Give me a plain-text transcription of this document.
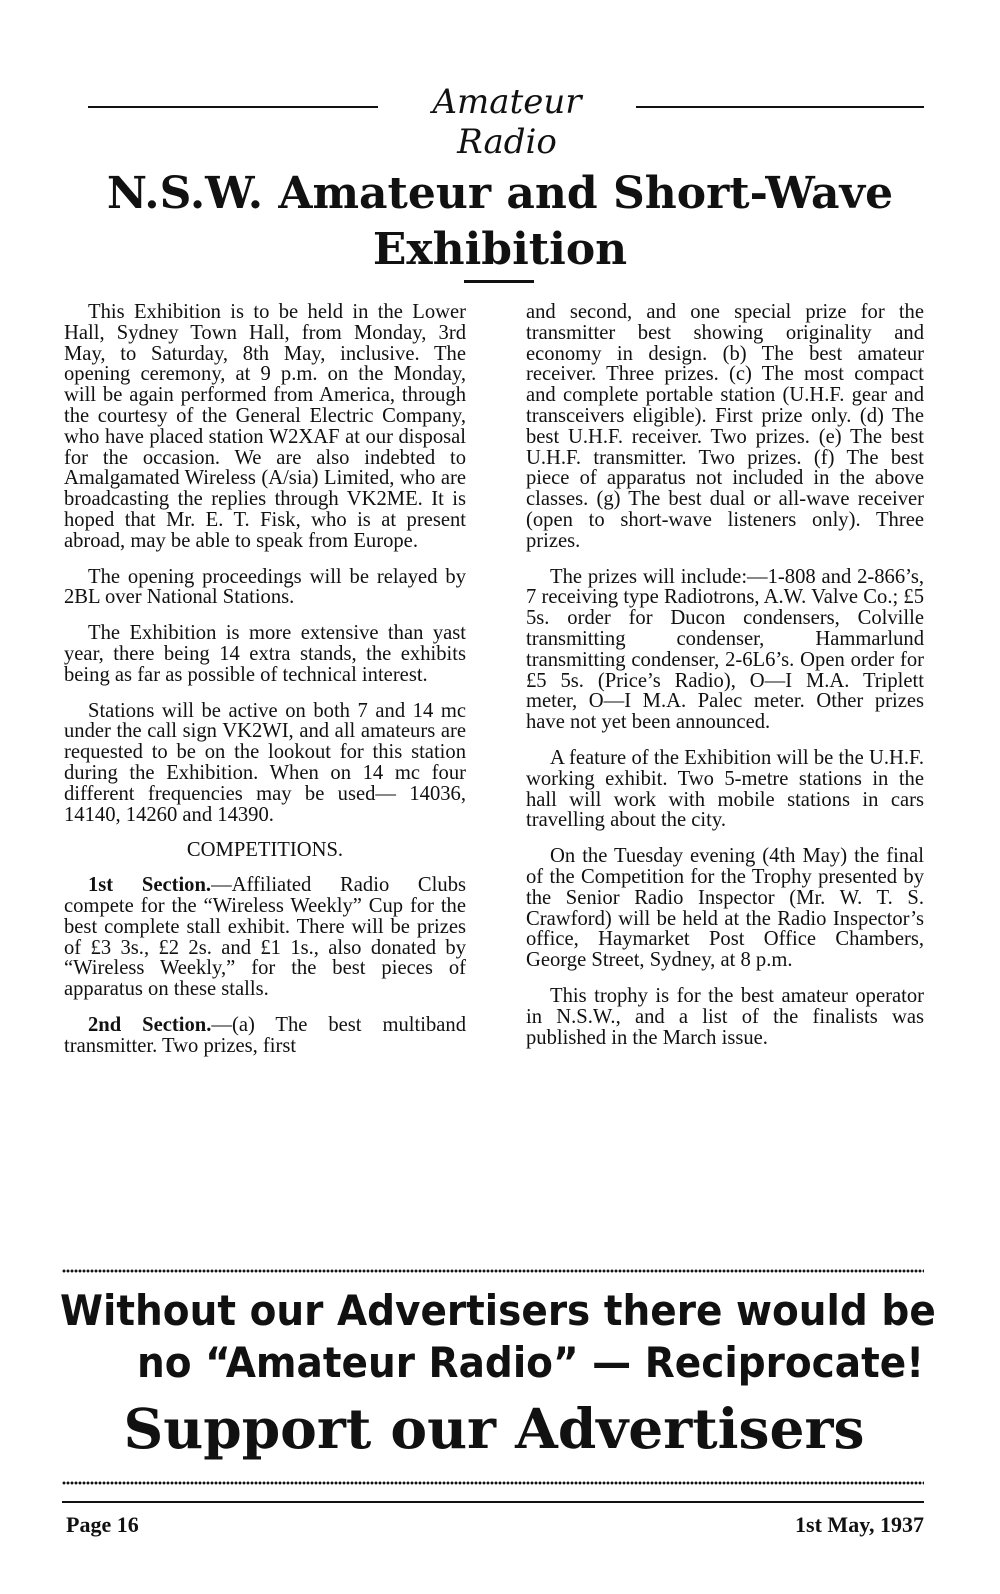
Amateur Radio
N.S.W. Amateur and Short-Wave Exhibition

This Exhibition is to be held in the Lower Hall, Sydney Town Hall, from Monday, 3rd May, to Saturday, 8th May, inclusive. The opening ceremony, at 9 p.m. on the Monday, will be again performed from America, through the courtesy of the General Electric Company, who have placed station W2XAF at our disposal for the occasion. We are also indebted to Amalgamated Wireless (A/sia) Limited, who are broadcasting the replies through VK2ME. It is hoped that Mr. E. T. Fisk, who is at present abroad, may be able to speak from Europe.

The opening proceedings will be relayed by 2BL over National Stations.

The Exhibition is more extensive than yast year, there being 14 extra stands, the exhibits being as far as possible of technical interest.

Stations will be active on both 7 and 14 mc under the call sign VK2WI, and all amateurs are requested to be on the lookout for this station during the Exhibition. When on 14 mc four different frequencies may be used— 14036, 14140, 14260 and 14390.

COMPETITIONS.

1st Section.—Affiliated Radio Clubs compete for the “Wireless Weekly” Cup for the best complete stall exhibit. There will be prizes of £3 3s., £2 2s. and £1 1s., also donated by “Wireless Weekly,” for the best pieces of apparatus on these stalls.

2nd Section.—(a) The best multiband transmitter. Two prizes, first

and second, and one special prize for the transmitter best showing originality and economy in design. (b) The best amateur receiver. Three prizes. (c) The most compact and complete portable station (U.H.F. gear and transceivers eligible). First prize only. (d) The best U.H.F. receiver. Two prizes. (e) The best U.H.F. transmitter. Two prizes. (f) The best piece of apparatus not included in the above classes. (g) The best dual or all-wave receiver (open to short-wave listeners only). Three prizes.

The prizes will include:—1-808 and 2-866’s, 7 receiving type Radiotrons, A.W. Valve Co.; £5 5s. order for Ducon condensers, Colville transmitting condenser, Hammarlund transmitting condenser, 2-6L6’s. Open order for £5 5s. (Price’s Radio), O—I M.A. Triplett meter, O—I M.A. Palec meter. Other prizes have not yet been announced.

A feature of the Exhibition will be the U.H.F. working exhibit. Two 5-metre stations in the hall will work with mobile stations in cars travelling about the city.

On the Tuesday evening (4th May) the final of the Competition for the Trophy presented by the Senior Radio Inspector (Mr. W. T. S. Crawford) will be held at the Radio Inspector’s office, Haymarket Post Office Chambers, George Street, Sydney, at 8 p.m.

This trophy is for the best amateur operator in N.S.W., and a list of the finalists was published in the March issue.

Without our Advertisers there would be
no “Amateur Radio” — Reciprocate!
Support our Advertisers
Page 16	1st May, 1937
